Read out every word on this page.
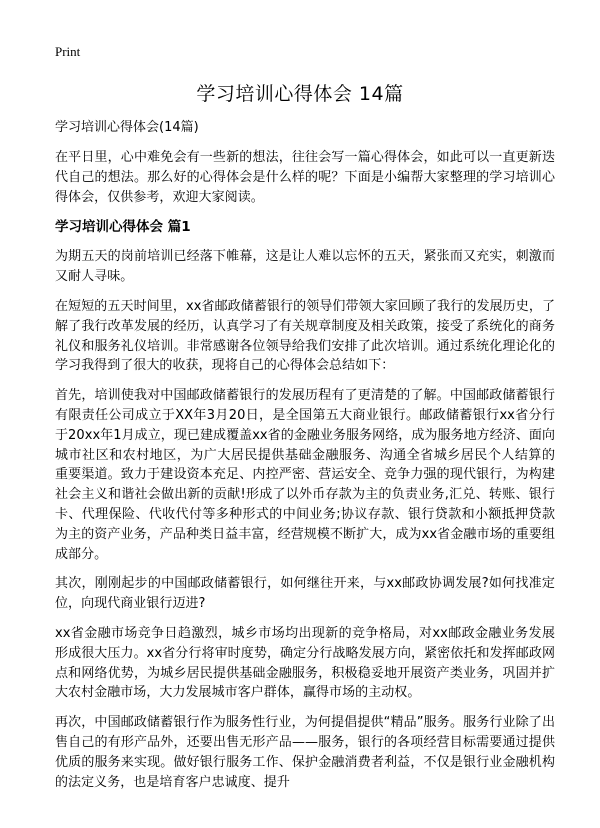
Print
学习培训心得体会 14篇

学习培训心得体会(14篇)

在平日里，心中难免会有一些新的想法，往往会写一篇心得体会，如此可以一直更新迭代自己的想法。那么好的心得体会是什么样的呢？下面是小编帮大家整理的学习培训心得体会，仅供参考，欢迎大家阅读。

学习培训心得体会 篇1

为期五天的岗前培训已经落下帷幕，这是让人难以忘怀的五天，紧张而又充实，刺激而又耐人寻味。

在短短的五天时间里，xx省邮政储蓄银行的领导们带领大家回顾了我行的发展历史，了解了我行改革发展的经历，认真学习了有关规章制度及相关政策，接受了系统化的商务礼仪和服务礼仪培训。非常感谢各位领导给我们安排了此次培训。通过系统化理论化的学习我得到了很大的收获，现将自己的心得体会总结如下：

首先，培训使我对中国邮政储蓄银行的发展历程有了更清楚的了解。中国邮政储蓄银行有限责任公司成立于XX年3月20日，是全国第五大商业银行。邮政储蓄银行xx省分行于20xx年1月成立，现已建成覆盖xx省的金融业务服务网络，成为服务地方经济、面向城市社区和农村地区，为广大居民提供基础金融服务、沟通全省城乡居民个人结算的 重要渠道。致力于建设资本充足、内控严密、营运安全、竞争力强的现代银行，为构建社会主义和谐社会做出新的贡献!形成了以外币存款为主的负责业务,汇兑、转账、银行卡、代理保险、代收代付等多种形式的中间业务;协议存款、银行贷款和小额抵押贷款为主的资产业务，产品种类日益丰富，经营规模不断扩大，成为xx省金融市场的重要组成部分。

其次，刚刚起步的中国邮政储蓄银行，如何继往开来，与xx邮政协调发展?如何找准定位，向现代商业银行迈进?

xx省金融市场竞争日趋激烈，城乡市场均出现新的竞争格局，对xx邮政金融业务发展形成很大压力。xx省分行将审时度势，确定分行战略发展方向，紧密依托和发挥邮政网点和网络优势，为城乡居民提供基础金融服务，积极稳妥地开展资产类业务，巩固并扩大农村金融市场，大力发展城市客户群体，赢得市场的主动权。

再次，中国邮政储蓄银行作为服务性行业，为何提倡提供“精品”服务。服务行业除了出售自己的有形产品外，还要出售无形产品——服务，银行的各项经营目标需要通过提供优质的服务来实现。做好银行服务工作、保护金融消费者利益，不仅是银行业金融机构的法定义务，也是培育客户忠诚度、提升
